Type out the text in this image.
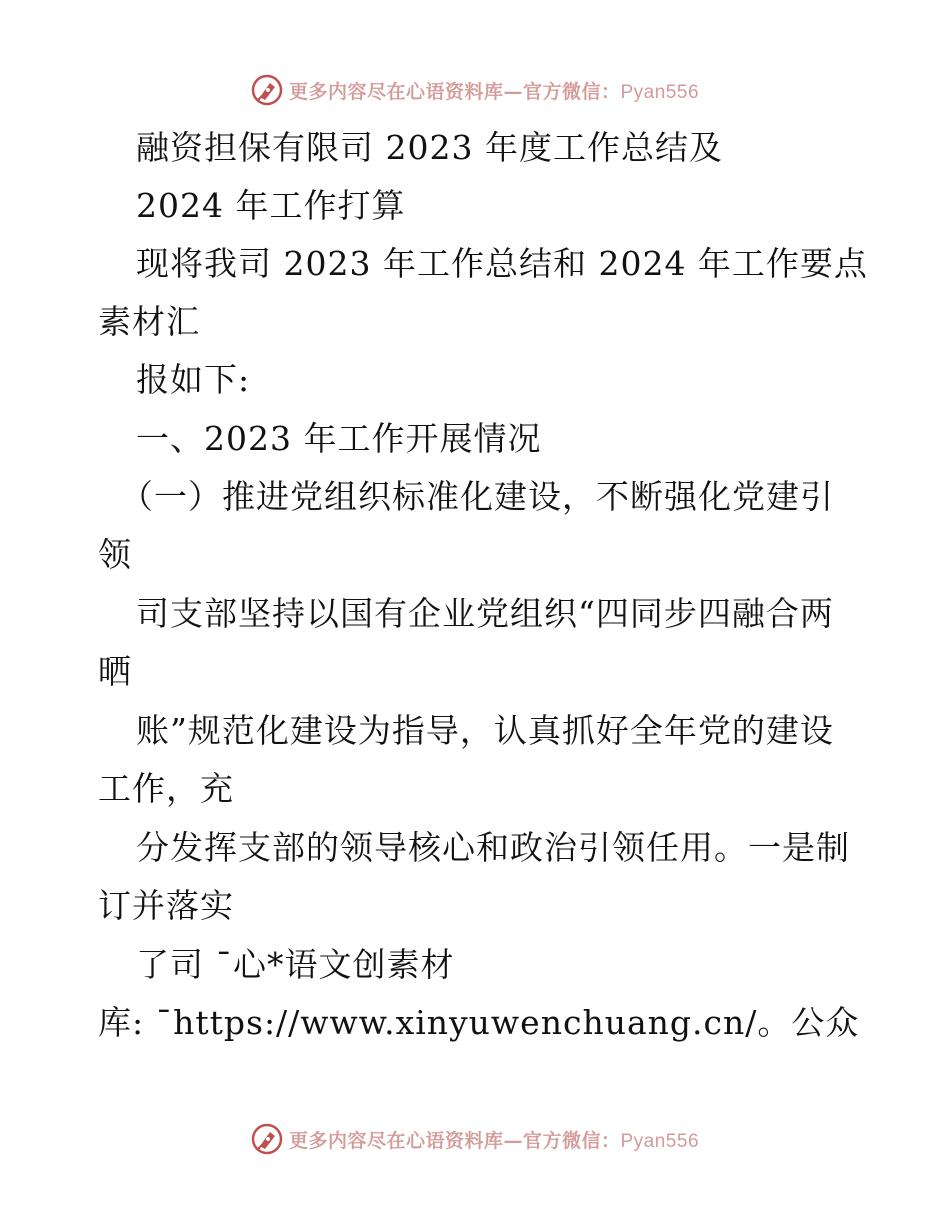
更多内容尽在心语资料库—官方微信：Pyan556
融资担保有限司 2023 年度工作总结及
2024 年工作打算
现将我司 2023 年工作总结和 2024 年工作要点
素材汇
报如下:
一、2023 年工作开展情况
（一）推进党组织标准化建设，不断强化党建引
领
司支部坚持以国有企业党组织“四同步四融合两
晒
账”规范化建设为指导，认真抓好全年党的建设
工作，充
分发挥支部的领导核心和政治引领任用。一是制
订并落实
了司 ¯心*语文创素材
库: ¯https://www.xinyuwenchuang.cn/。公众
更多内容尽在心语资料库—官方微信：Pyan556
